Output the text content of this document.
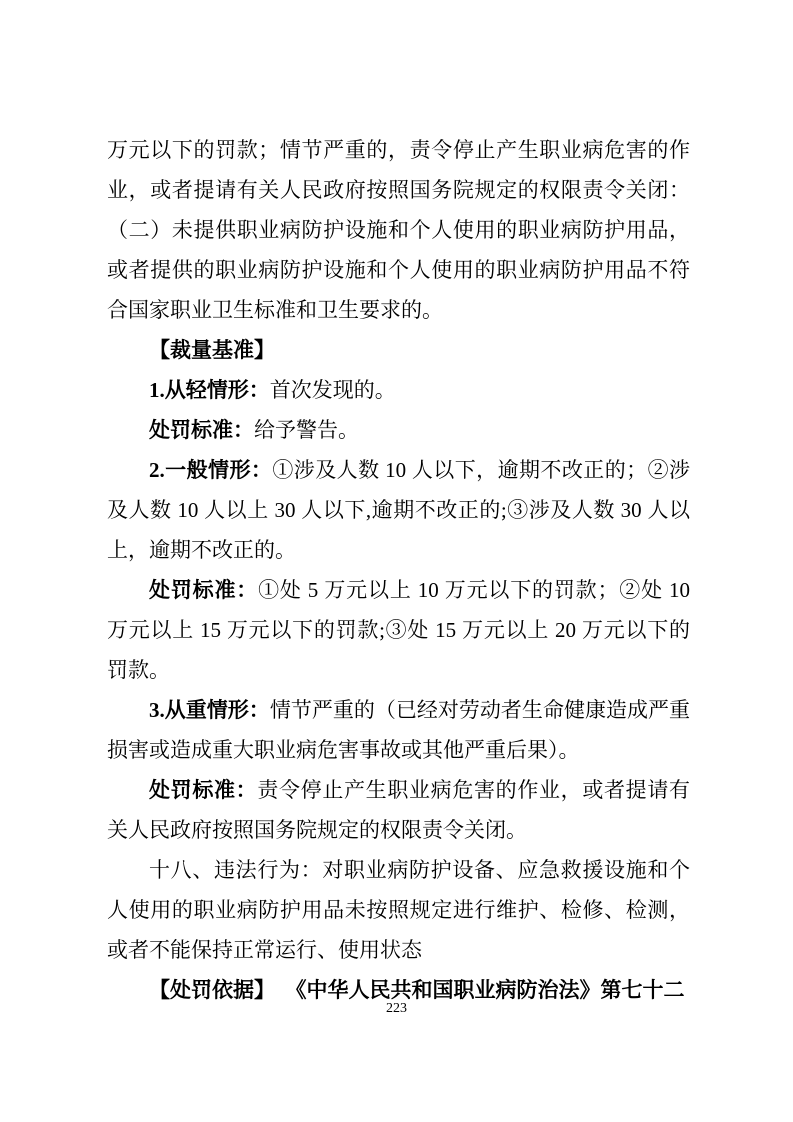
万元以下的罚款；情节严重的，责令停止产生职业病危害的作业，或者提请有关人民政府按照国务院规定的权限责令关闭：（二）未提供职业病防护设施和个人使用的职业病防护用品，或者提供的职业病防护设施和个人使用的职业病防护用品不符合国家职业卫生标准和卫生要求的。

【裁量基准】

1.从轻情形：首次发现的。

处罚标准：给予警告。

2.一般情形：①涉及人数 10 人以下，逾期不改正的；②涉及人数 10 人以上 30 人以下,逾期不改正的;③涉及人数 30 人以上，逾期不改正的。

处罚标准：①处 5 万元以上 10 万元以下的罚款；②处 10 万元以上 15 万元以下的罚款;③处 15 万元以上 20 万元以下的罚款。

3.从重情形：情节严重的（已经对劳动者生命健康造成严重损害或造成重大职业病危害事故或其他严重后果）。

处罚标准：责令停止产生职业病危害的作业，或者提请有关人民政府按照国务院规定的权限责令关闭。

十八、违法行为：对职业病防护设备、应急救援设施和个人使用的职业病防护用品未按照规定进行维护、检修、检测，或者不能保持正常运行、使用状态

【处罚依据】 《中华人民共和国职业病防治法》第七十二

223
